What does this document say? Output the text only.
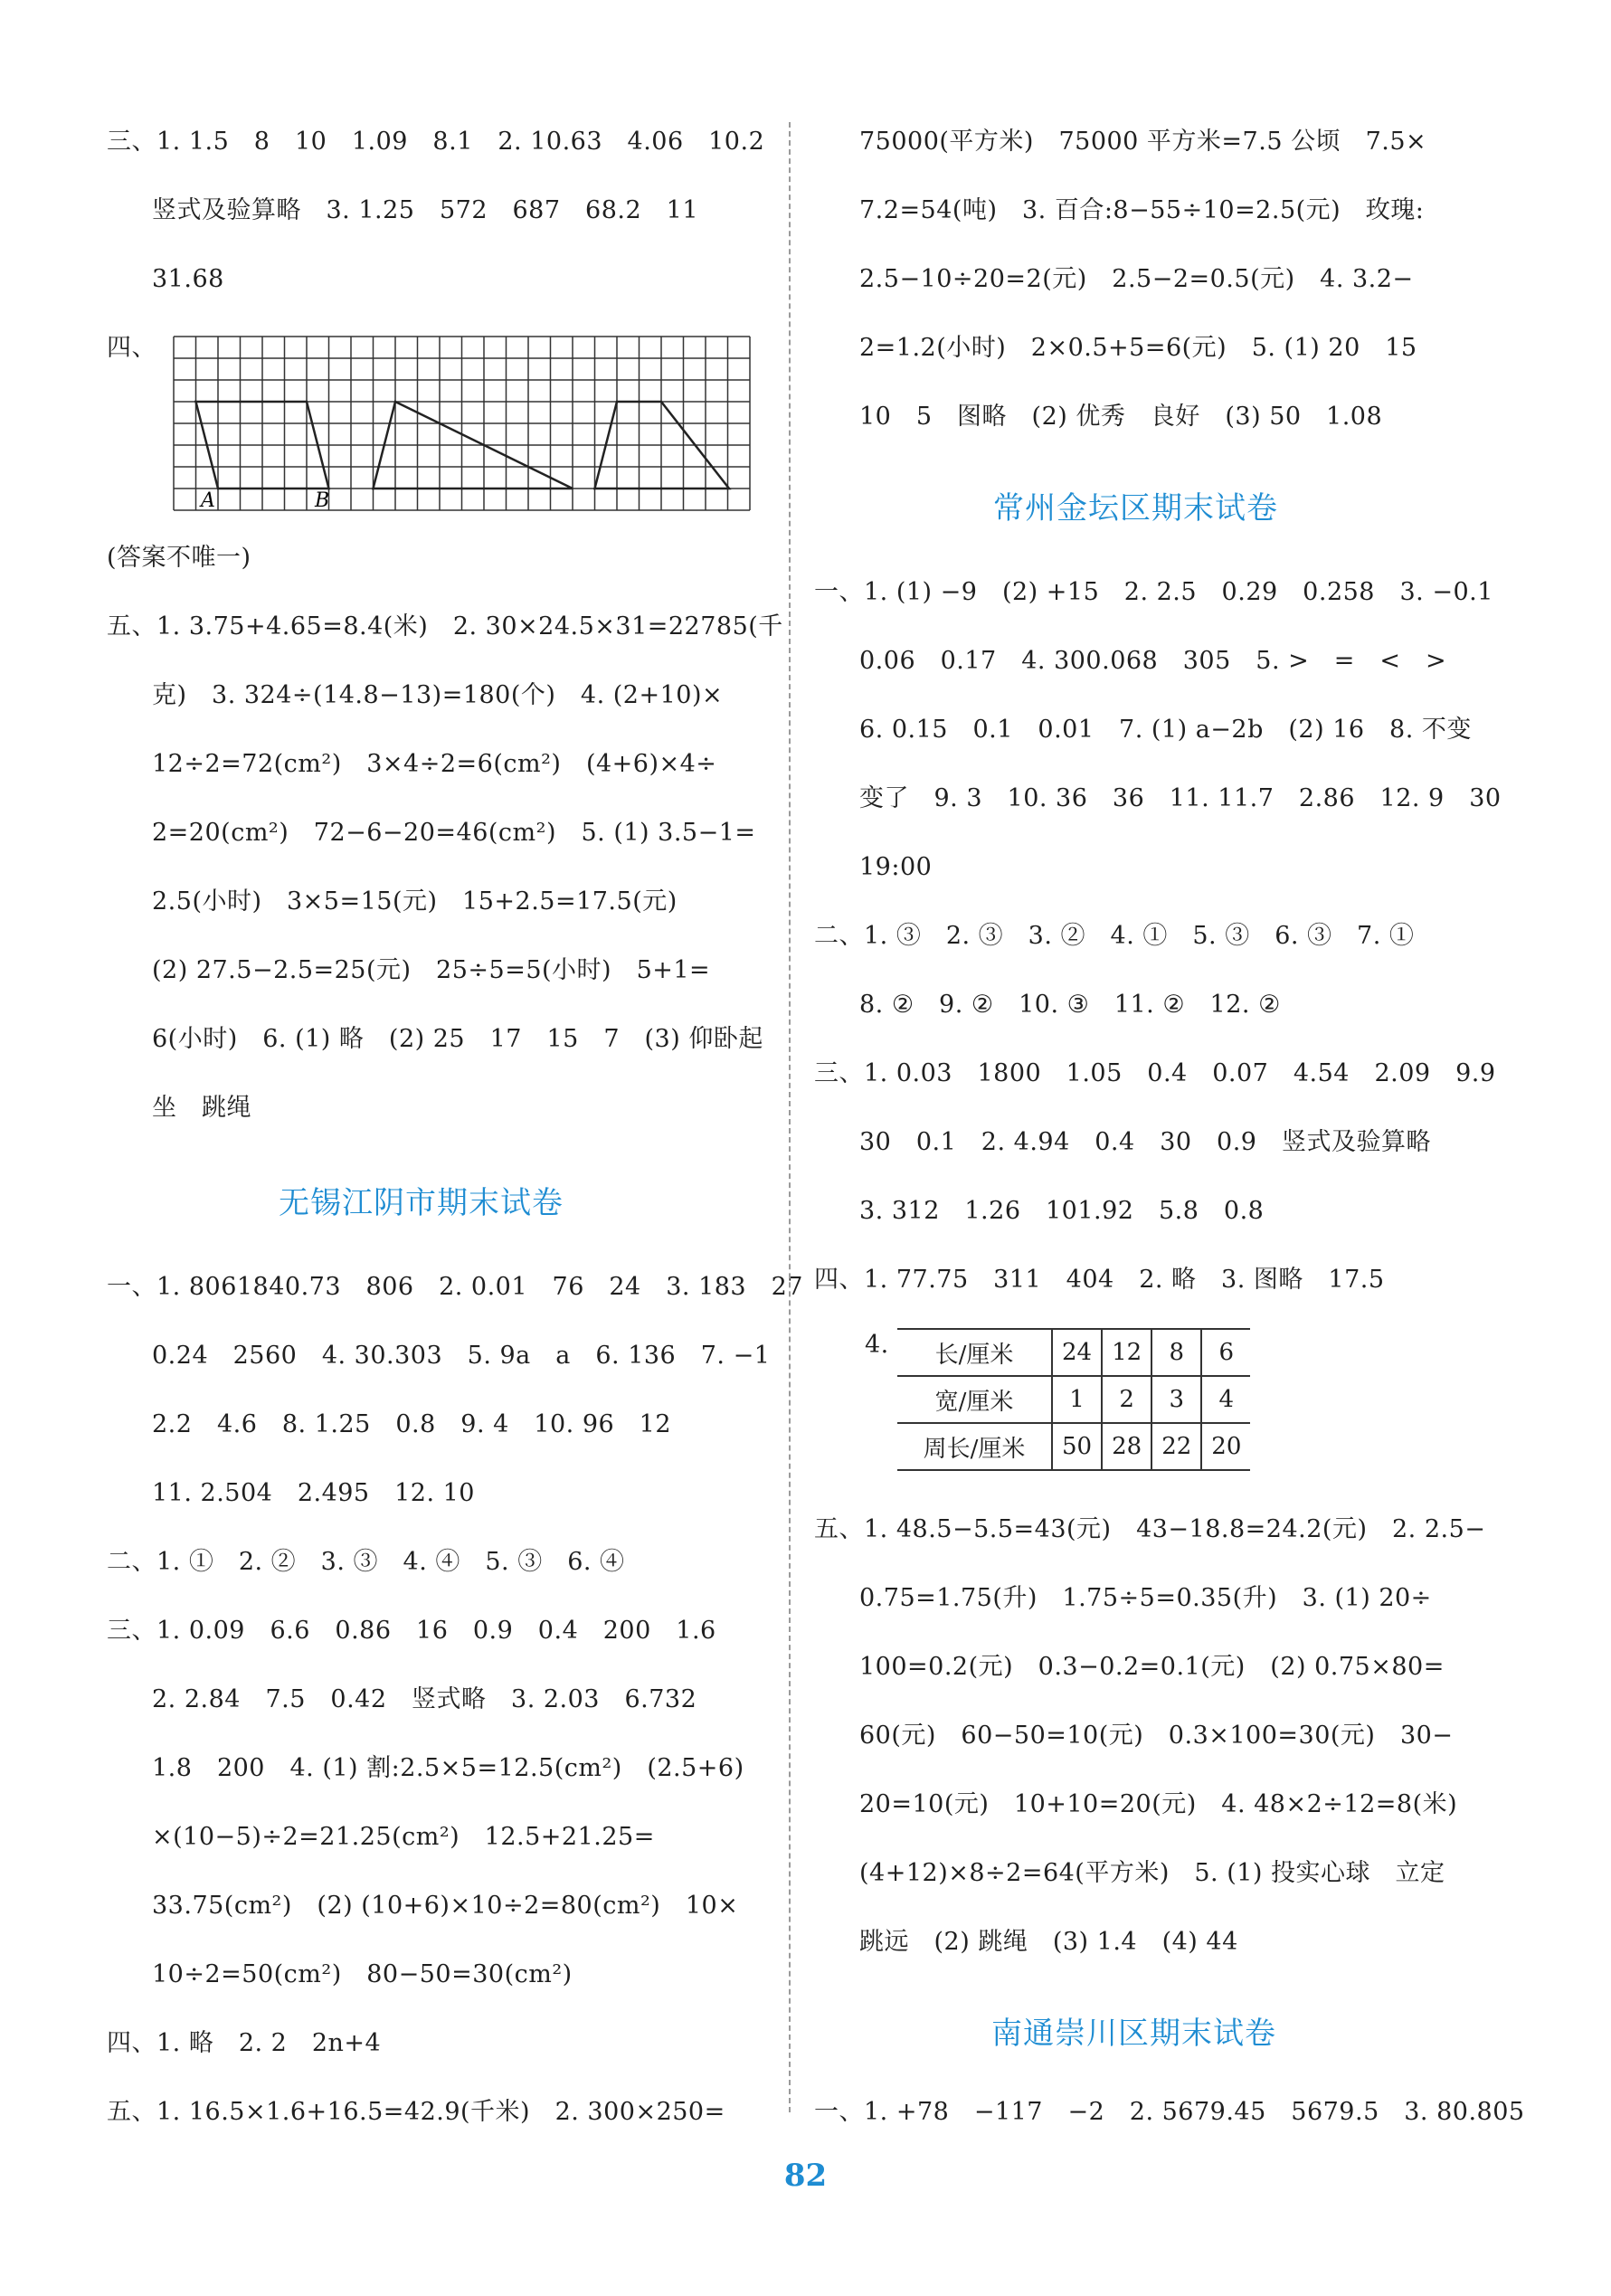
三、1. 1.5　8　10　1.09　8.1　2. 10.63　4.06　10.2
竖式及验算略　3. 1.25　572　687　68.2　11
31.68
四、
A	B
(答案不唯一)
五、1. 3.75+4.65=8.4(米)　2. 30×24.5×31=22785(千
克)　3. 324÷(14.8−13)=180(个)　4. (2+10)×
12÷2=72(cm²)　3×4÷2=6(cm²)　(4+6)×4÷
2=20(cm²)　72−6−20=46(cm²)　5. (1) 3.5−1=
2.5(小时)　3×5=15(元)　15+2.5=17.5(元)
(2) 27.5−2.5=25(元)　25÷5=5(小时)　5+1=
6(小时)　6. (1) 略　(2) 25　17　15　7　(3) 仰卧起
坐　跳绳
无锡江阴市期末试卷
一、1. 8061840.73　806　2. 0.01　76　24　3. 183　27
0.24　2560　4. 30.303　5. 9a　a　6. 136　7. −1
2.2　4.6　8. 1.25　0.8　9. 4　10. 96　12
11. 2.504　2.495　12. 10
二、1. ①　2. ②　3. ③　4. ④　5. ③　6. ④
三、1. 0.09　6.6　0.86　16　0.9　0.4　200　1.6
2. 2.84　7.5　0.42　竖式略　3. 2.03　6.732
1.8　200　4. (1) 割:2.5×5=12.5(cm²)　(2.5+6)
×(10−5)÷2=21.25(cm²)　12.5+21.25=
33.75(cm²)　(2) (10+6)×10÷2=80(cm²)　10×
10÷2=50(cm²)　80−50=30(cm²)
四、1. 略　2. 2　2n+4
五、1. 16.5×1.6+16.5=42.9(千米)　2. 300×250=
75000(平方米)　75000 平方米=7.5 公顷　7.5×
7.2=54(吨)　3. 百合:8−55÷10=2.5(元)　玫瑰:
2.5−10÷20=2(元)　2.5−2=0.5(元)　4. 3.2−
2=1.2(小时)　2×0.5+5=6(元)　5. (1) 20　15
10　5　图略　(2) 优秀　良好　(3) 50　1.08
常州金坛区期末试卷
一、1. (1) −9　(2) +15　2. 2.5　0.29　0.258　3. −0.1
0.06　0.17　4. 300.068　305　5. >　=　<　>
6. 0.15　0.1　0.01　7. (1) a−2b　(2) 16　8. 不变
变了　9. 3　10. 36　36　11. 11.7　2.86　12. 9　30
19:00
二、1. ③　2. ③　3. ②　4. ①　5. ③　6. ③　7. ①
8. ②　9. ②　10. ③　11. ②　12. ②
三、1. 0.03　1800　1.05　0.4　0.07　4.54　2.09　9.9
30　0.1　2. 4.94　0.4　30　0.9　竖式及验算略
3. 312　1.26　101.92　5.8　0.8
四、1. 77.75　311　404　2. 略　3. 图略　17.5
4. 长/厘米	24	12	8	6
宽/厘米	1	2	3	4
周长/厘米	50	28	22	20
五、1. 48.5−5.5=43(元)　43−18.8=24.2(元)　2. 2.5−
0.75=1.75(升)　1.75÷5=0.35(升)　3. (1) 20÷
100=0.2(元)　0.3−0.2=0.1(元)　(2) 0.75×80=
60(元)　60−50=10(元)　0.3×100=30(元)　30−
20=10(元)　10+10=20(元)　4. 48×2÷12=8(米)
(4+12)×8÷2=64(平方米)　5. (1) 投实心球　立定
跳远　(2) 跳绳　(3) 1.4　(4) 44
南通崇川区期末试卷
一、1. +78　−117　−2　2. 5679.45　5679.5　3. 80.805
82
